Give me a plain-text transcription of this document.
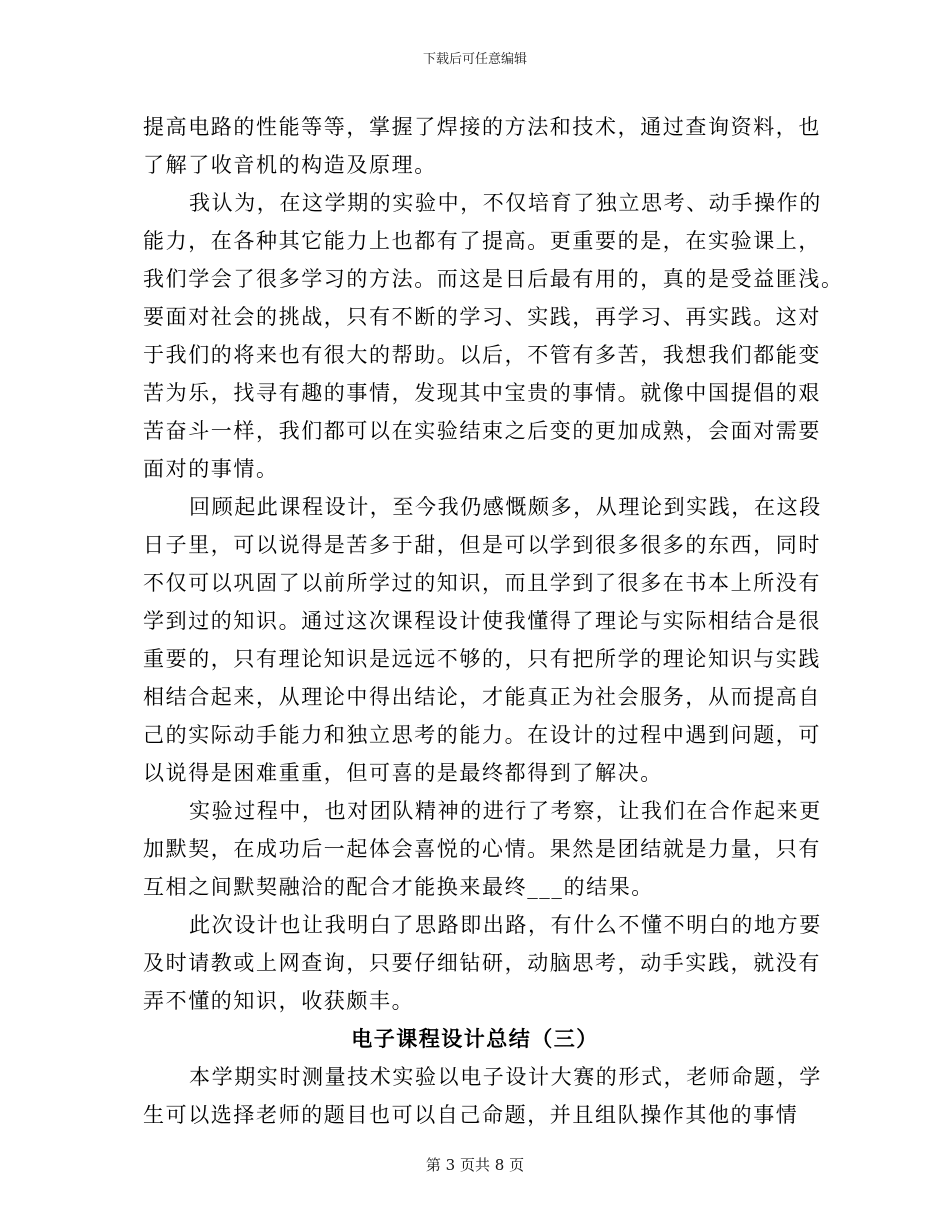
下载后可任意编辑
提高电路的性能等等，掌握了焊接的方法和技术，通过查询资料，也
了解了收音机的构造及原理。
我认为，在这学期的实验中，不仅培育了独立思考、动手操作的
能力，在各种其它能力上也都有了提高。更重要的是，在实验课上，
我们学会了很多学习的方法。而这是日后最有用的，真的是受益匪浅。
要面对社会的挑战，只有不断的学习、实践，再学习、再实践。这对
于我们的将来也有很大的帮助。以后，不管有多苦，我想我们都能变
苦为乐，找寻有趣的事情，发现其中宝贵的事情。就像中国提倡的艰
苦奋斗一样，我们都可以在实验结束之后变的更加成熟，会面对需要
面对的事情。
回顾起此课程设计，至今我仍感慨颇多，从理论到实践，在这段
日子里，可以说得是苦多于甜，但是可以学到很多很多的东西，同时
不仅可以巩固了以前所学过的知识，而且学到了很多在书本上所没有
学到过的知识。通过这次课程设计使我懂得了理论与实际相结合是很
重要的，只有理论知识是远远不够的，只有把所学的理论知识与实践
相结合起来，从理论中得出结论，才能真正为社会服务，从而提高自
己的实际动手能力和独立思考的能力。在设计的过程中遇到问题，可
以说得是困难重重，但可喜的是最终都得到了解决。
实验过程中，也对团队精神的进行了考察，让我们在合作起来更
加默契，在成功后一起体会喜悦的心情。果然是团结就是力量，只有
互相之间默契融洽的配合才能换来最终___的结果。
此次设计也让我明白了思路即出路，有什么不懂不明白的地方要
及时请教或上网查询，只要仔细钻研，动脑思考，动手实践，就没有
弄不懂的知识，收获颇丰。
电子课程设计总结（三）
本学期实时测量技术实验以电子设计大赛的形式，老师命题，学
生可以选择老师的题目也可以自己命题，并且组队操作其他的事情
第 3 页共 8 页
